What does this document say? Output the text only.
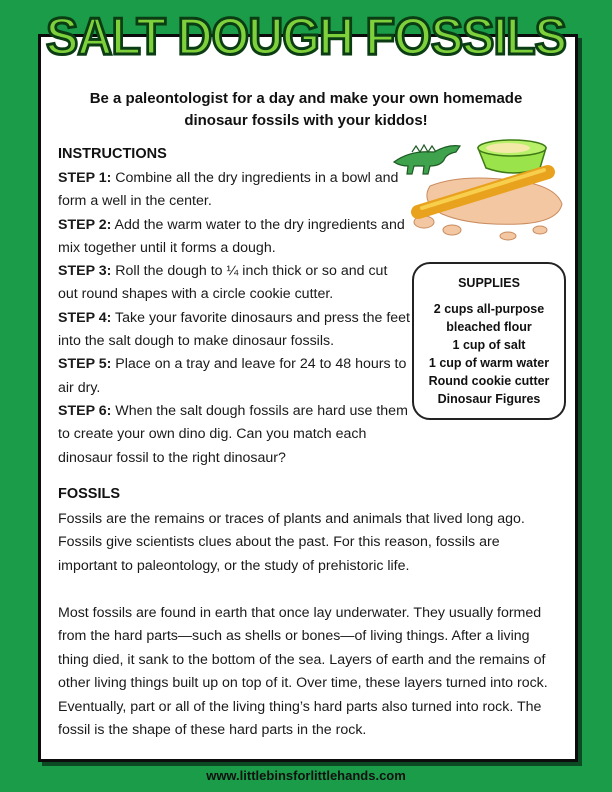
SALT DOUGH FOSSILS
Be a paleontologist for a day and make your own homemade dinosaur fossils with your kiddos!
INSTRUCTIONS
STEP 1: Combine all the dry ingredients in a bowl and form a well in the center.
STEP 2: Add the warm water to the dry ingredients and mix together until it forms a dough.
STEP 3: Roll the dough to ¼ inch thick or so and cut out round shapes with a circle cookie cutter.
STEP 4: Take your favorite dinosaurs and press the feet into the salt dough to make dinosaur fossils.
STEP 5: Place on a tray and leave for 24 to 48 hours to air dry.
STEP 6: When the salt dough fossils are hard use them to create your own dino dig. Can you match each dinosaur fossil to the right dinosaur?
SUPPLIES
2 cups all-purpose bleached flour
1 cup of salt
1 cup of warm water
Round cookie cutter
Dinosaur Figures
FOSSILS

Fossils are the remains or traces of plants and animals that lived long ago. Fossils give scientists clues about the past. For this reason, fossils are important to paleontology, or the study of prehistoric life.

Most fossils are found in earth that once lay underwater. They usually formed from the hard parts—such as shells or bones—of living things. After a living thing died, it sank to the bottom of the sea. Layers of earth and the remains of other living things built up on top of it. Over time, these layers turned into rock. Eventually, part or all of the living thing’s hard parts also turned into rock. The fossil is the shape of these hard parts in the rock.

www.littlebinsforlittlehands.com
